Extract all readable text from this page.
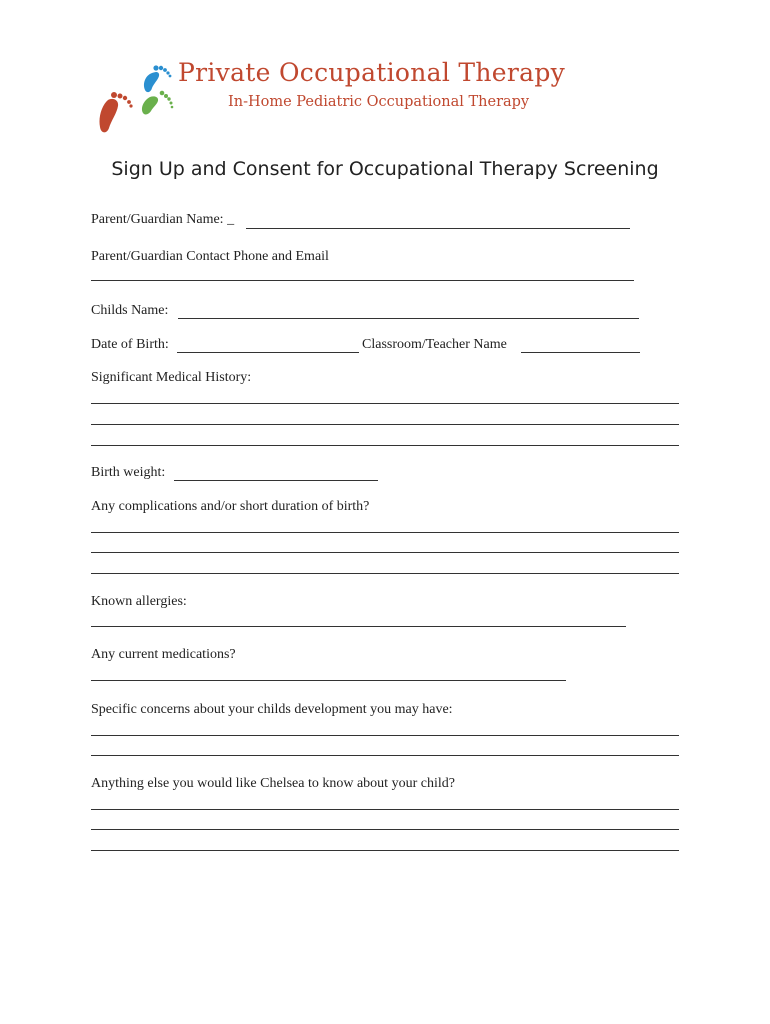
Private Occupational Therapy
In-Home Pediatric Occupational Therapy
Sign Up and Consent for Occupational Therapy Screening
Parent/Guardian Name: _
Parent/Guardian Contact Phone and Email
Childs Name:
Date of Birth:	Classroom/Teacher Name
Significant Medical History:
Birth weight:
Any complications and/or short duration of birth?
Known allergies:
Any current medications?
Specific concerns about your childs development you may have:
Anything else you would like Chelsea to know about your child?
